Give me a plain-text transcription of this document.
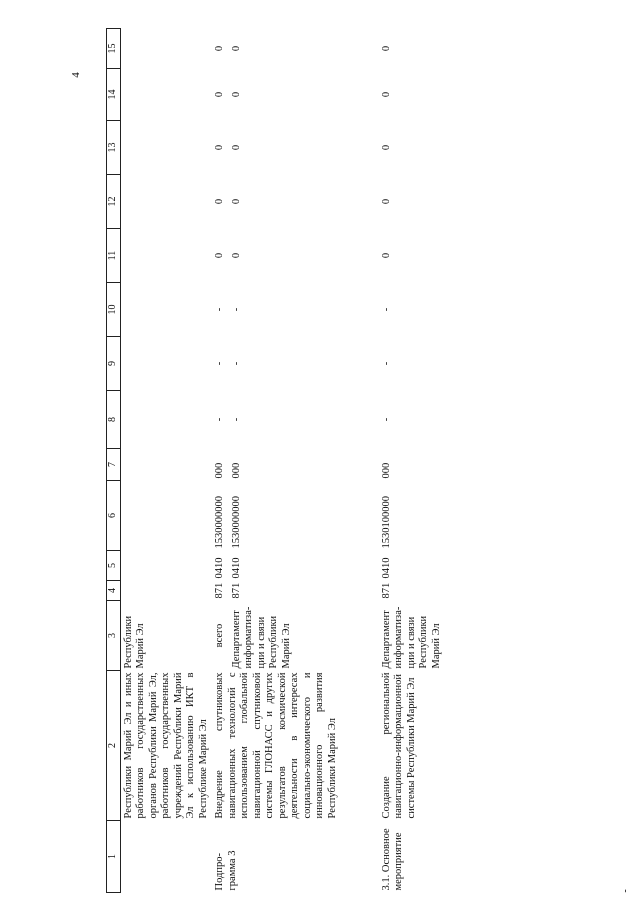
4
-
1	2	3	4	5	6	7	8	9	10	11	12	13	14	15
	Республики Марий Эл и иных работников государственных органов Республики Марий Эл, работников государственных учреждений Республики Марий Эл к использованию ИКТ в Республике Марий Эл	Республики Марий Эл												
Подпро-грамма 3	Внедрение спутниковых навигационных технологий с использованием глобальной навигационной спутниковой системы ГЛОНАСС и других результатов космической деятельности в интересах социально-экономического и инновационного развития Республики Марий Эл	всего	871	0410	1530000000	000	-	-	-	0	0	0	0	0
		Департамент информатиза-ции и связи Республики Марий Эл	871	0410	1530000000	000	-	-	-	0	0	0	0	0
3.1. Основное мероприятие	Создание региональной навигационно-информационной системы Республики Марий Эл	Департамент информатиза-ции и связи Республики Марий Эл	871	0410	1530100000	000	-	-	-	0	0	0	0	0
